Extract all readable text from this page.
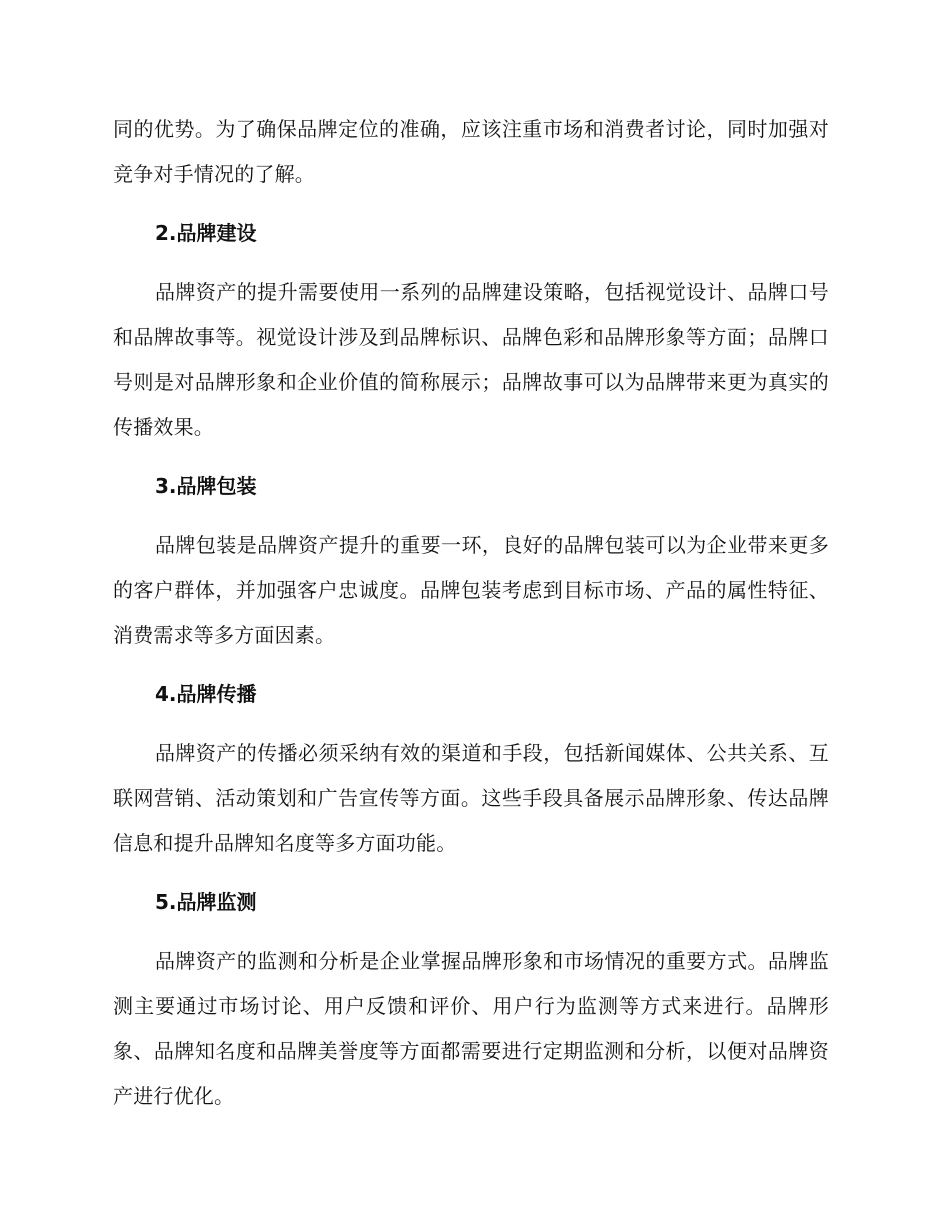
同的优势。为了确保品牌定位的准确，应该注重市场和消费者讨论，同时加强对竞争对手情况的了解。

2.品牌建设

品牌资产的提升需要使用一系列的品牌建设策略，包括视觉设计、品牌口号和品牌故事等。视觉设计涉及到品牌标识、品牌色彩和品牌形象等方面；品牌口号则是对品牌形象和企业价值的简称展示；品牌故事可以为品牌带来更为真实的传播效果。

3.品牌包装

品牌包装是品牌资产提升的重要一环，良好的品牌包装可以为企业带来更多的客户群体，并加强客户忠诚度。品牌包装考虑到目标市场、产品的属性特征、消费需求等多方面因素。

4.品牌传播

品牌资产的传播必须采纳有效的渠道和手段，包括新闻媒体、公共关系、互联网营销、活动策划和广告宣传等方面。这些手段具备展示品牌形象、传达品牌信息和提升品牌知名度等多方面功能。

5.品牌监测

品牌资产的监测和分析是企业掌握品牌形象和市场情况的重要方式。品牌监测主要通过市场讨论、用户反馈和评价、用户行为监测等方式来进行。品牌形象、品牌知名度和品牌美誉度等方面都需要进行定期监测和分析，以便对品牌资产进行优化。
